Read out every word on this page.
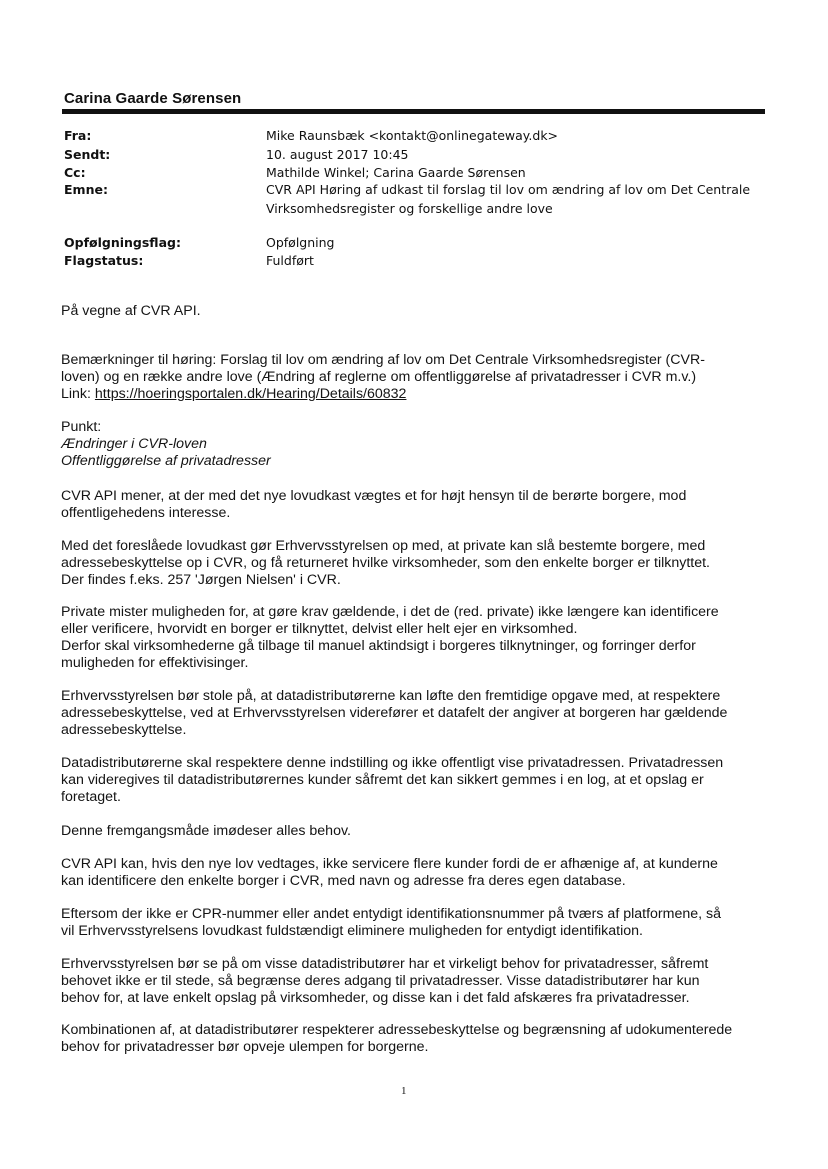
Carina Gaarde Sørensen
Fra:	Mike Raunsbæk <kontakt@onlinegateway.dk>
Sendt:	10. august 2017 10:45
Cc:	Mathilde Winkel; Carina Gaarde Sørensen
Emne:	CVR API Høring af udkast til forslag til lov om ændring af lov om Det Centrale Virksomhedsregister og forskellige andre love
Opfølgningsflag:	Opfølgning
Flagstatus:	Fuldført
På vegne af CVR API.
Bemærkninger til høring: Forslag til lov om ændring af lov om Det Centrale Virksomhedsregister (CVR-
loven) og en række andre love (Ændring af reglerne om offentliggørelse af privatadresser i CVR m.v.)
Link: https://hoeringsportalen.dk/Hearing/Details/60832
Punkt:
Ændringer i CVR-loven
Offentliggørelse af privatadresser
CVR API mener, at der med det nye lovudkast vægtes et for højt hensyn til de berørte borgere, mod
offentligehedens interesse.
Med det foreslåede lovudkast gør Erhvervsstyrelsen op med, at private kan slå bestemte borgere, med
adressebeskyttelse op i CVR, og få returneret hvilke virksomheder, som den enkelte borger er tilknyttet.
Der findes f.eks. 257 'Jørgen Nielsen' i CVR.
Private mister muligheden for, at gøre krav gældende, i det de (red. private) ikke længere kan identificere
eller verificere, hvorvidt en borger er tilknyttet, delvist eller helt ejer en virksomhed.
Derfor skal virksomhederne gå tilbage til manuel aktindsigt i borgeres tilknytninger, og forringer derfor
muligheden for effektivisinger.
Erhvervsstyrelsen bør stole på, at datadistributørerne kan løfte den fremtidige opgave med, at respektere
adressebeskyttelse, ved at Erhvervsstyrelsen viderefører et datafelt der angiver at borgeren har gældende
adressebeskyttelse.
Datadistributørerne skal respektere denne indstilling og ikke offentligt vise privatadressen. Privatadressen
kan videregives til datadistributørernes kunder såfremt det kan sikkert gemmes i en log, at et opslag er
foretaget.
Denne fremgangsmåde imødeser alles behov.
CVR API kan, hvis den nye lov vedtages, ikke servicere flere kunder fordi de er afhænige af, at kunderne
kan identificere den enkelte borger i CVR, med navn og adresse fra deres egen database.
Eftersom der ikke er CPR-nummer eller andet entydigt identifikationsnummer på tværs af platformene, så
vil Erhvervsstyrelsens lovudkast fuldstændigt eliminere muligheden for entydigt identifikation.
Erhvervsstyrelsen bør se på om visse datadistributører har et virkeligt behov for privatadresser, såfremt
behovet ikke er til stede, så begrænse deres adgang til privatadresser. Visse datadistributører har kun
behov for, at lave enkelt opslag på virksomheder, og disse kan i det fald afskæres fra privatadresser.
Kombinationen af, at datadistributører respekterer adressebeskyttelse og begrænsning af udokumenterede
behov for privatadresser bør opveje ulempen for borgerne.
1
